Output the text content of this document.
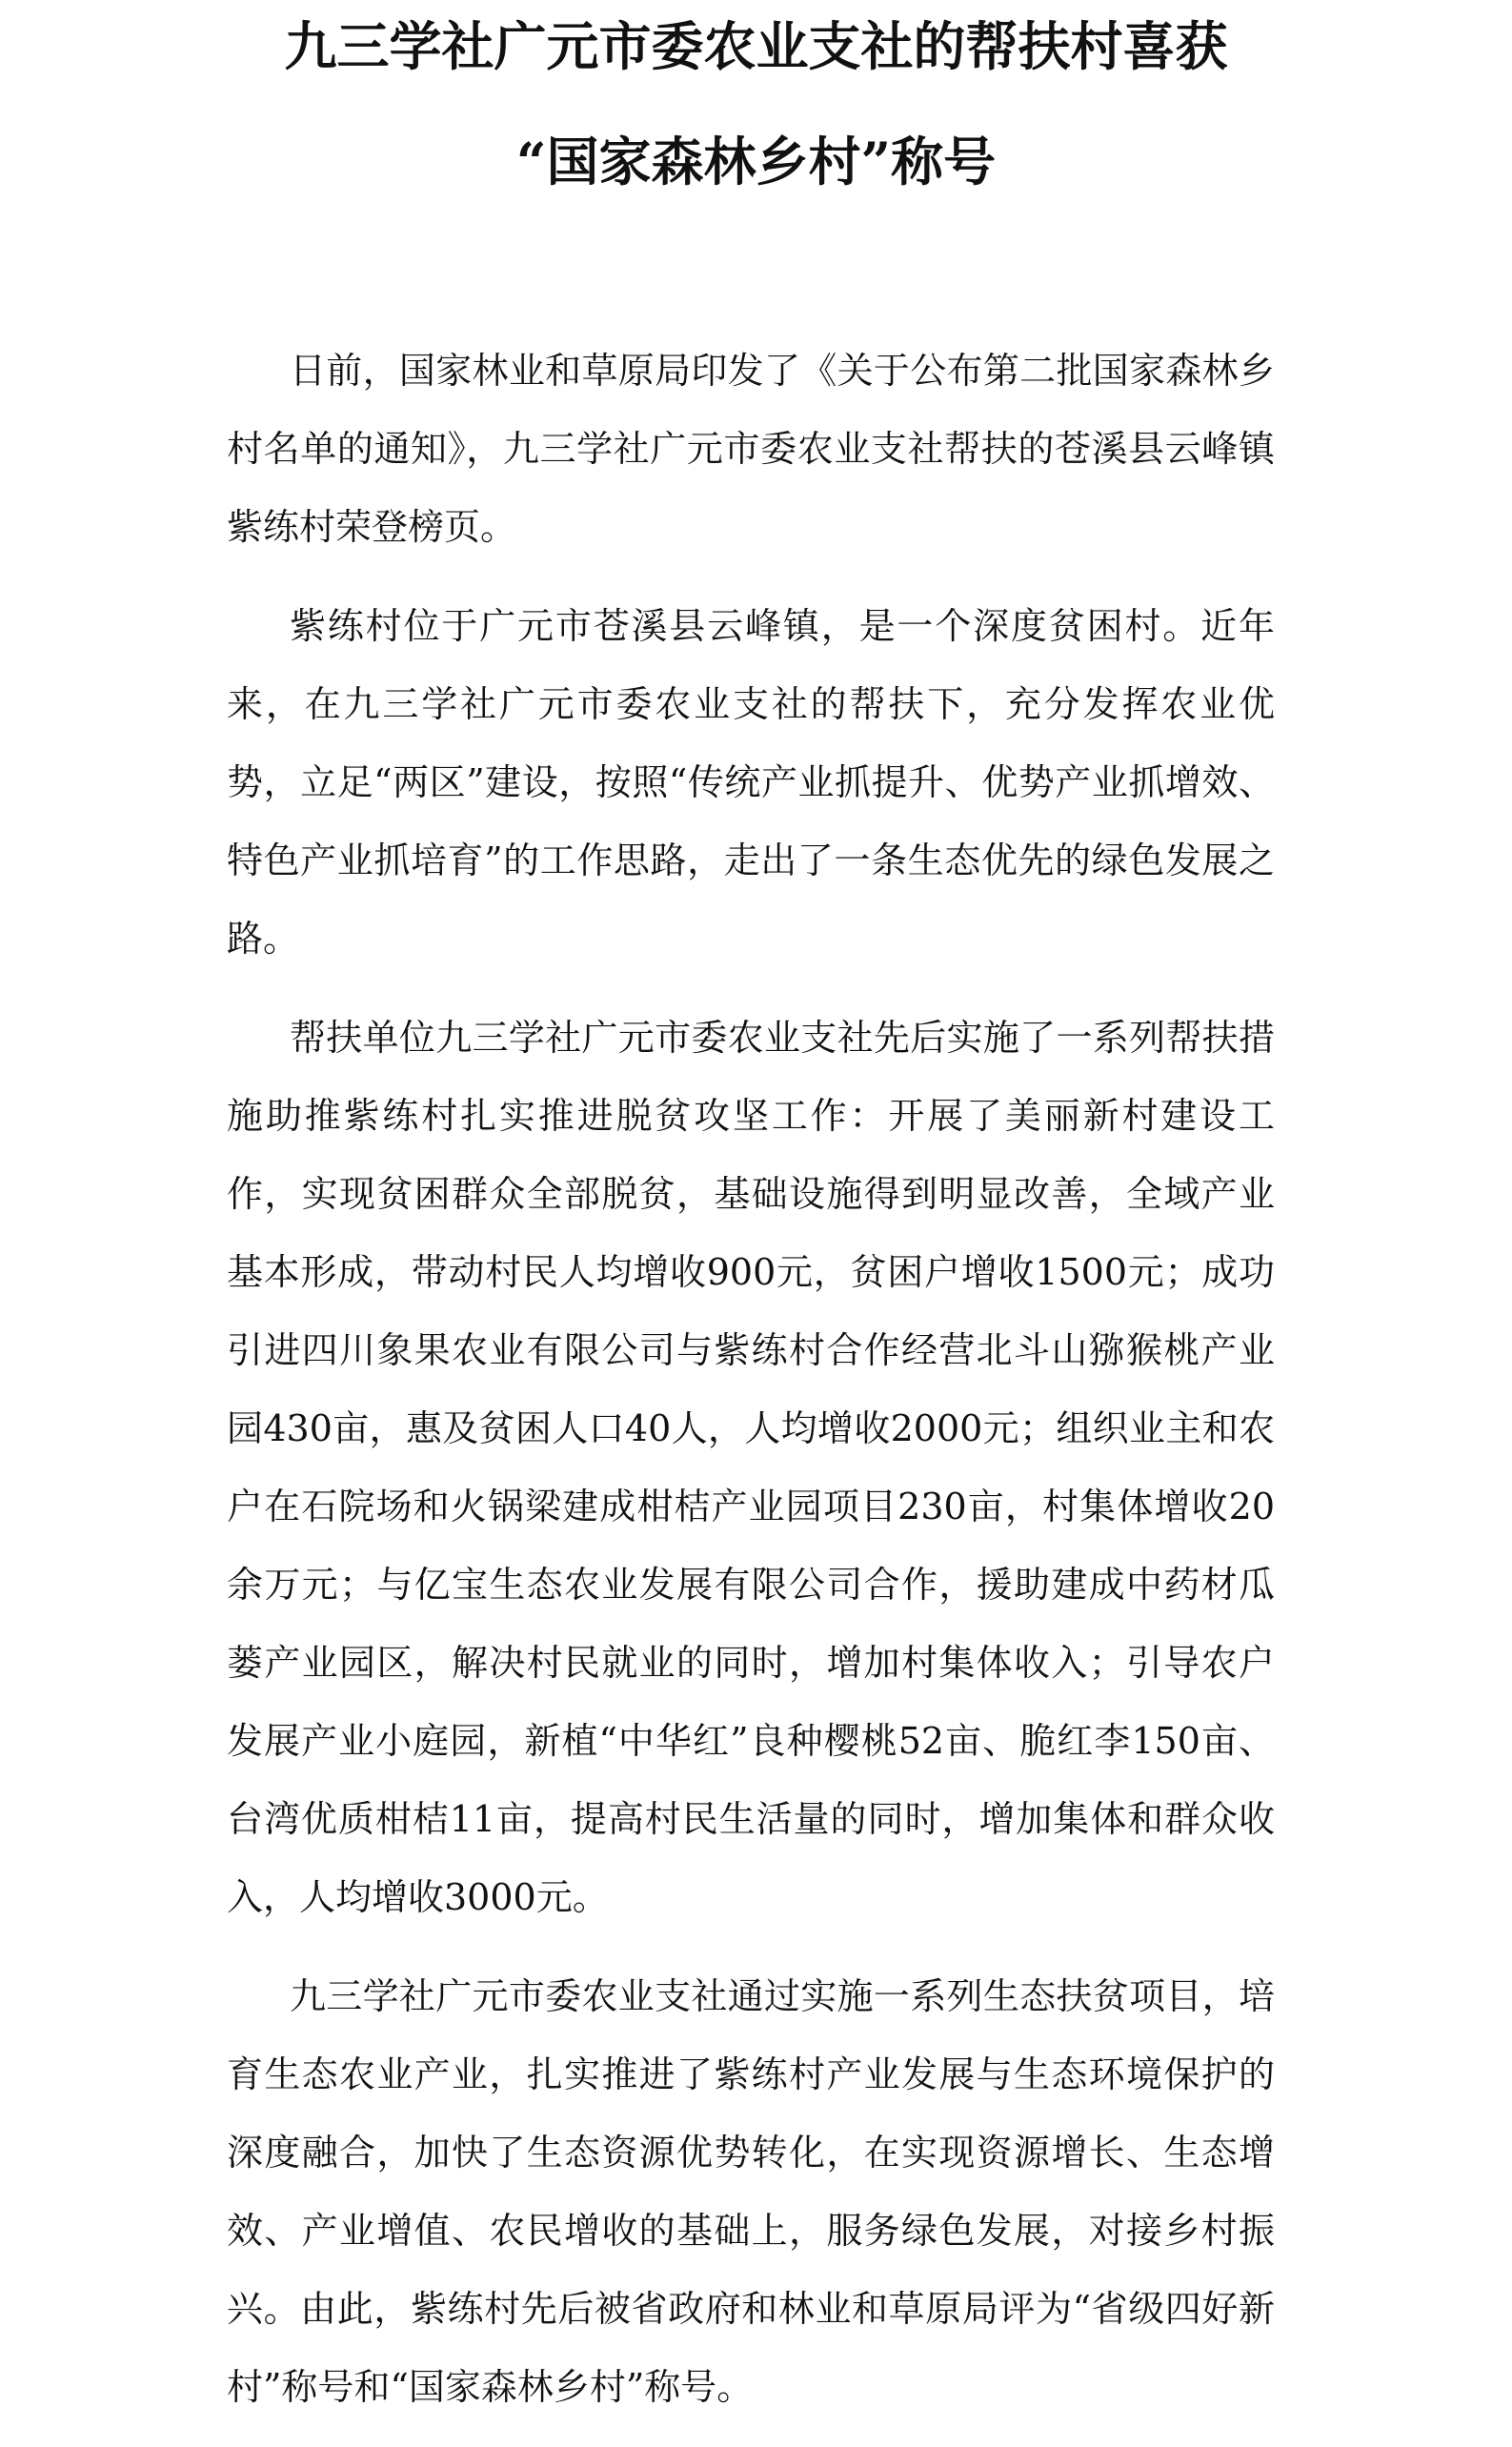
九三学社广元市委农业支社的帮扶村喜获
“国家森林乡村”称号

日前，国家林业和草原局印发了《关于公布第二批国家森林乡村名单的通知》，九三学社广元市委农业支社帮扶的苍溪县云峰镇紫练村荣登榜页。

紫练村位于广元市苍溪县云峰镇，是一个深度贫困村。近年来，在九三学社广元市委农业支社的帮扶下，充分发挥农业优势，立足“两区”建设，按照“传统产业抓提升、优势产业抓增效、特色产业抓培育”的工作思路，走出了一条生态优先的绿色发展之路。

帮扶单位九三学社广元市委农业支社先后实施了一系列帮扶措施助推紫练村扎实推进脱贫攻坚工作：开展了美丽新村建设工作，实现贫困群众全部脱贫，基础设施得到明显改善，全域产业基本形成，带动村民人均增收900元，贫困户增收1500元；成功引进四川象果农业有限公司与紫练村合作经营北斗山猕猴桃产业园430亩，惠及贫困人口40人，人均增收2000元；组织业主和农户在石院场和火锅梁建成柑桔产业园项目230亩，村集体增收20余万元；与亿宝生态农业发展有限公司合作，援助建成中药材瓜蒌产业园区，解决村民就业的同时，增加村集体收入；引导农户发展产业小庭园，新植“中华红”良种樱桃52亩、脆红李150亩、台湾优质柑桔11亩，提高村民生活量的同时，增加集体和群众收入，人均增收3000元。

九三学社广元市委农业支社通过实施一系列生态扶贫项目，培育生态农业产业，扎实推进了紫练村产业发展与生态环境保护的深度融合，加快了生态资源优势转化，在实现资源增长、生态增效、产业增值、农民增收的基础上，服务绿色发展，对接乡村振兴。由此，紫练村先后被省政府和林业和草原局评为“省级四好新村”称号和“国家森林乡村”称号。
